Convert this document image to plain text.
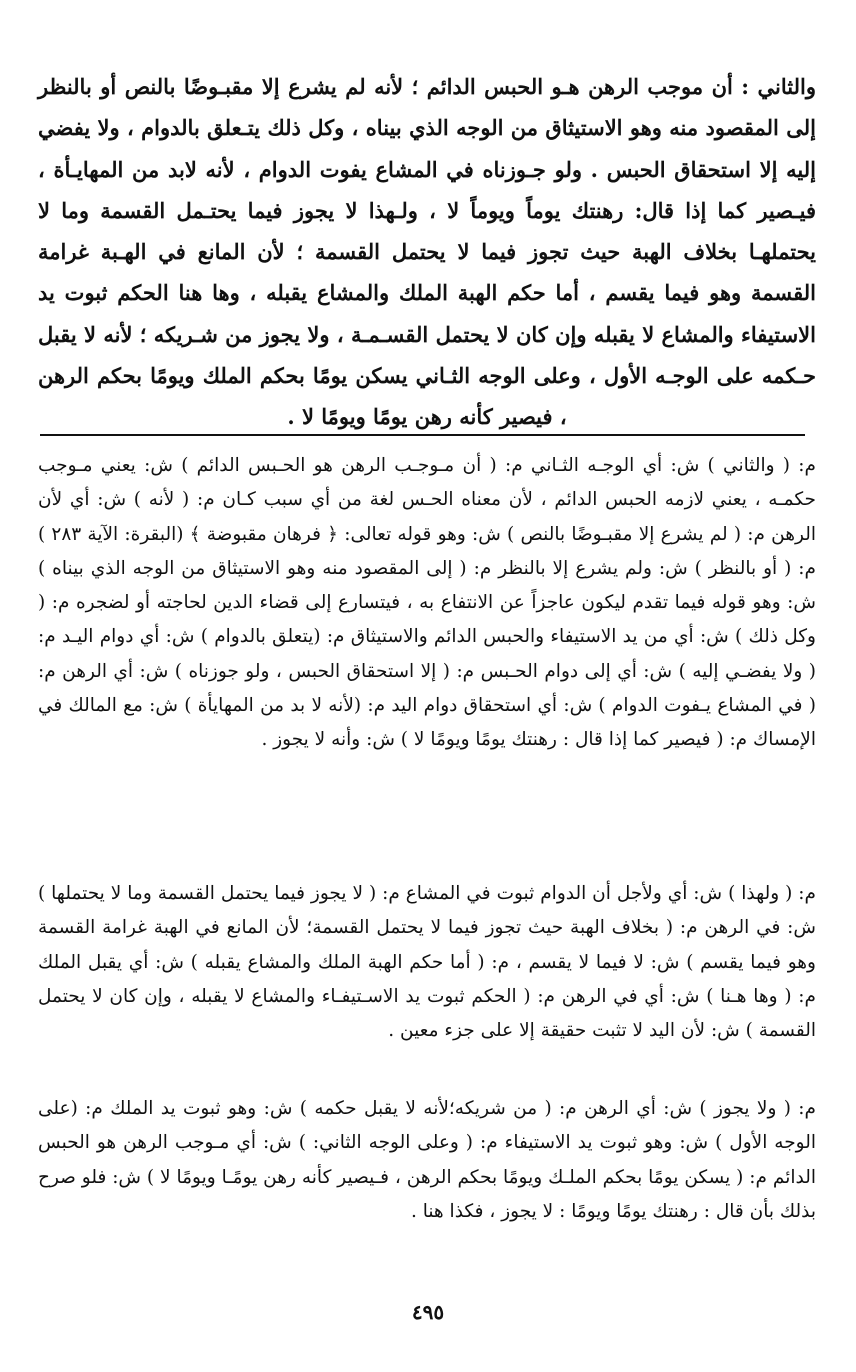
والثاني : أن موجب الرهن هـو الحبس الدائم ؛ لأنه لم يشرع إلا مقبـوضًا بالنص أو بالنظر إلى المقصود منه وهو الاستيثاق من الوجه الذي بيناه ، وكل ذلك يتـعلق بالدوام ، ولا يفضي إليه إلا استحقاق الحبس . ولو جـوزناه في المشاع يفوت الدوام ، لأنه لابد من المهايـأة ، فيـصير كما إذا قال: رهنتك يوماً ويوماً لا ، ولـهذا لا يجوز فيما يحتـمل القسمة وما لا يحتملهـا بخلاف الهبة حيث تجوز فيما لا يحتمل القسمة ؛ لأن المانع في الهـبة غرامة القسمة وهو فيما يقسم ، أما حكم الهبة الملك والمشاع يقبله ، وها هنا الحكم ثبوت يد الاستيفاء والمشاع لا يقبله وإن كان لا يحتمل القسـمـة ، ولا يجوز من شـريكه ؛ لأنه لا يقبل حـكمه على الوجـه الأول ، وعلى الوجه الثـاني يسكن يومًا بحكم الملك ويومًا بحكم الرهن ، فيصير كأنه رهن يومًا ويومًا لا .

م: ( والثاني ) ش: أي الوجـه الثـاني م: ( أن مـوجـب الرهن هو الحـبس الدائم ) ش: يعني مـوجب حكمـه ، يعني لازمه الحبس الدائم ، لأن معناه الحـس لغة من أي سبب كـان م: ( لأنه ) ش: أي لأن الرهن م: ( لم يشرع إلا مقبـوضًا بالنص ) ش: وهو قوله تعالى: ﴿ فرهان مقبوضة ﴾ (البقرة: الآية ٢٨٣ ) م: ( أو بالنظر ) ش: ولم يشرع إلا بالنظر م: ( إلى المقصود منه وهو الاستيثاق من الوجه الذي بيناه ) ش: وهو قوله فيما تقدم ليكون عاجزاً عن الانتفاع به ، فيتسارع إلى قضاء الدين لحاجته أو لضجره م: ( وكل ذلك ) ش: أي من يد الاستيفاء والحبس الدائم والاستيثاق م: (يتعلق بالدوام ) ش: أي دوام اليـد م: ( ولا يفضـي إليه ) ش: أي إلى دوام الحـبس م: ( إلا استحقاق الحبس ، ولو جوزناه ) ش: أي الرهن م: ( في المشاع يـفوت الدوام ) ش: أي استحقاق دوام اليد م: (لأنه لا بد من المهايأة ) ش: مع المالك في الإمساك م: ( فيصير كما إذا قال : رهنتك يومًا ويومًا لا ) ش: وأنه لا يجوز .

م: ( ولهذا ) ش: أي ولأجل أن الدوام ثبوت في المشاع م: ( لا يجوز فيما يحتمل القسمة وما لا يحتملها ) ش: في الرهن م: ( بخلاف الهبة حيث تجوز فيما لا يحتمل القسمة؛ لأن المانع في الهبة غرامة القسمة وهو فيما يقسم ) ش: لا فيما لا يقسم ، م: ( أما حكم الهبة الملك والمشاع يقبله ) ش: أي يقبل الملك م: ( وها هـنا ) ش: أي في الرهن م: ( الحكم ثبوت يد الاسـتيفـاء والمشاع لا يقبله ، وإن كان لا يحتمل القسمة ) ش: لأن اليد لا تثبت حقيقة إلا على جزء معين .

م: ( ولا يجوز ) ش: أي الرهن م: ( من شريكه؛لأنه لا يقبل حكمه ) ش: وهو ثبوت يد الملك م: (على الوجه الأول ) ش: وهو ثبوت يد الاستيفاء م: ( وعلى الوجه الثاني: ) ش: أي مـوجب الرهن هو الحبس الدائم م: ( يسكن يومًا بحكم الملـك ويومًا بحكم الرهن ، فـيصير كأنه رهن يومًـا ويومًا لا ) ش: فلو صرح بذلك بأن قال : رهنتك يومًا ويومًا : لا يجوز ، فكذا هنا .

٤٩٥
